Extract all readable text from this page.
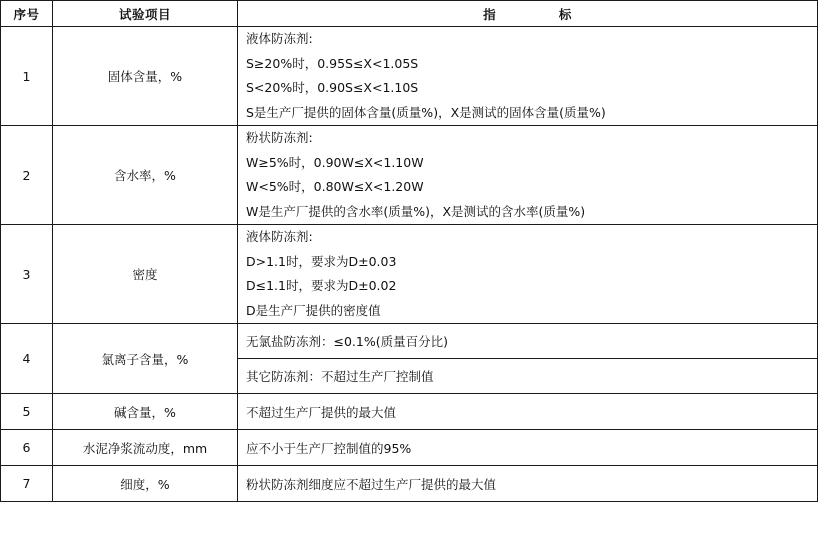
序号	试验项目	指 标
1	固体含量，%	液体防冻剂:
S≥20%时，0.95S≤X<1.05S
S<20%时，0.90S≤X<1.10S
S是生产厂提供的固体含量(质量%)，X是测试的固体含量(质量%)

2	含水率，%	粉状防冻剂:
W≥5%时，0.90W≤X<1.10W
W<5%时，0.80W≤X<1.20W
W是生产厂提供的含水率(质量%)，X是测试的含水率(质量%)

3	密度	液体防冻剂:
D>1.1时，要求为D±0.03
D≤1.1时，要求为D±0.02
D是生产厂提供的密度值

4	氯离子含量，%	无氯盐防冻剂：≤0.1%(质量百分比)

		其它防冻剂：不超过生产厂控制值

5	碱含量，%	不超过生产厂提供的最大值

6	水泥净浆流动度，mm	应不小于生产厂控制值的95%

7	细度，%	粉状防冻剂细度应不超过生产厂提供的最大值
